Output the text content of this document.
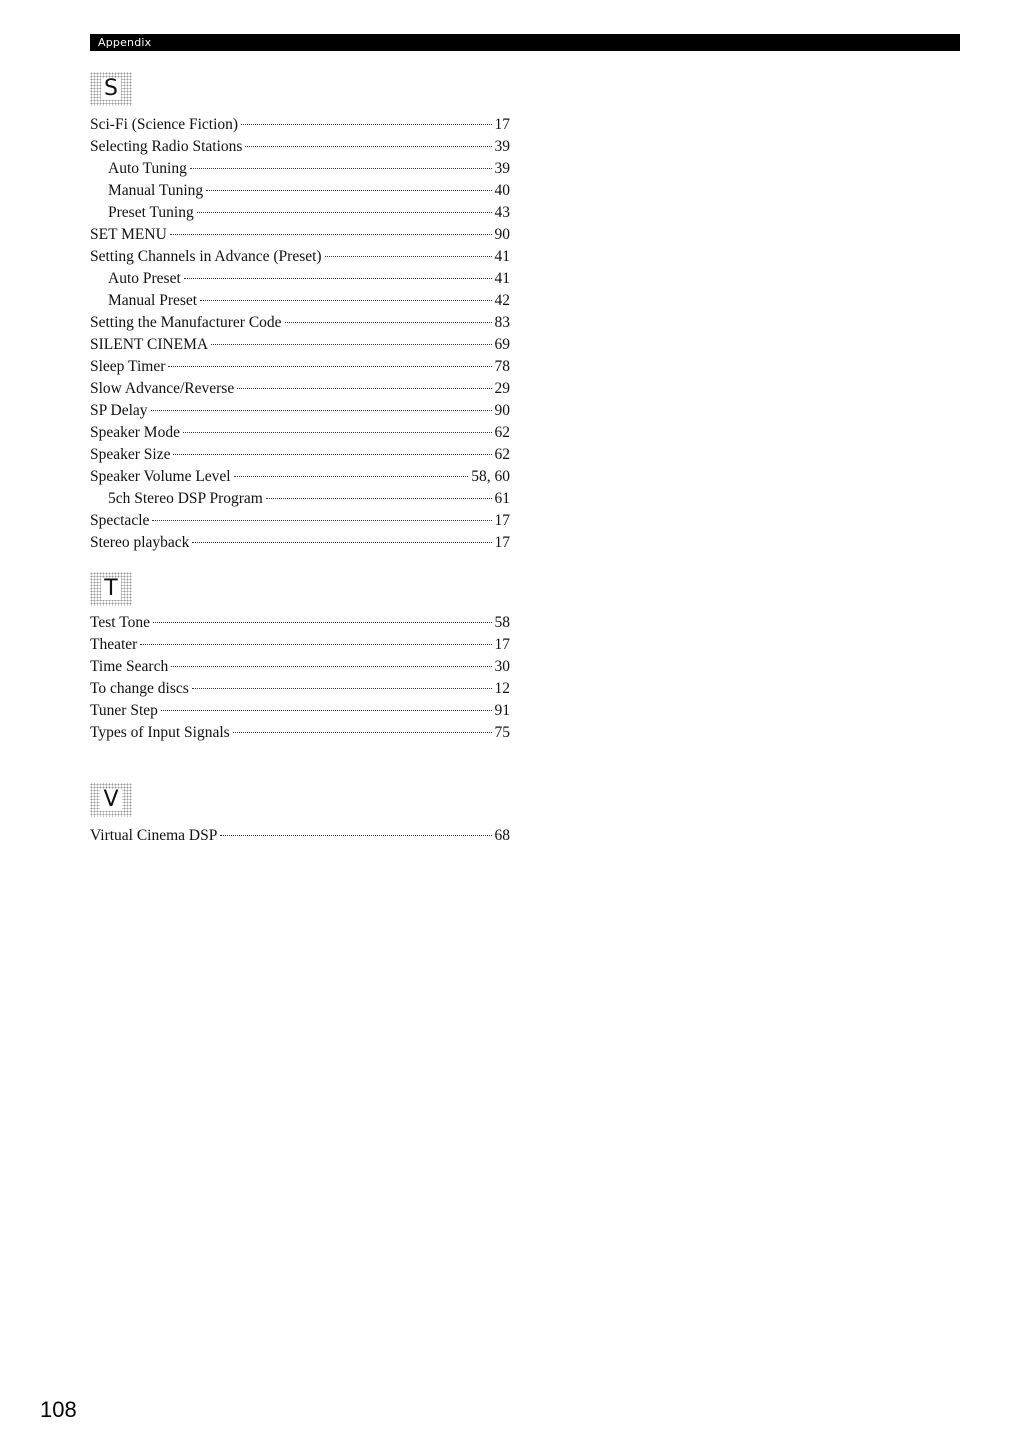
Appendix
S
Sci-Fi (Science Fiction)	17
Selecting Radio Stations	39
Auto Tuning	39
Manual Tuning	40
Preset Tuning	43
SET MENU	90
Setting Channels in Advance (Preset)	41
Auto Preset	41
Manual Preset	42
Setting the Manufacturer Code	83
SILENT CINEMA	69
Sleep Timer	78
Slow Advance/Reverse	29
SP Delay	90
Speaker Mode	62
Speaker Size	62
Speaker Volume Level	58, 60
5ch Stereo DSP Program	61
Spectacle	17
Stereo playback	17
T
Test Tone	58
Theater	17
Time Search	30
To change discs	12
Tuner Step	91
Types of Input Signals	75
V
Virtual Cinema DSP	68
108
